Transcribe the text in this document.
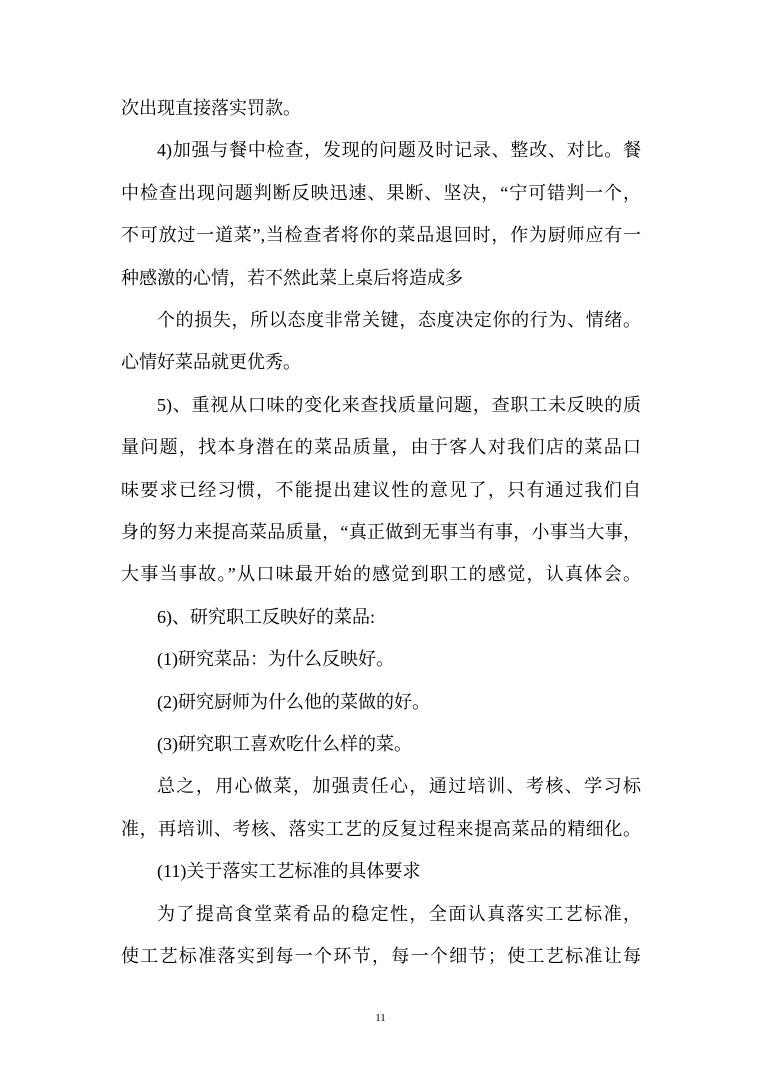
次出现直接落实罚款。
4)加强与餐中检查，发现的问题及时记录、整改、对比。餐
中检查出现问题判断反映迅速、果断、坚决，“宁可错判一个，
不可放过一道菜”,当检查者将你的菜品退回时，作为厨师应有一
种感激的心情，若不然此菜上桌后将造成多
个的损失，所以态度非常关键，态度决定你的行为、情绪。
心情好菜品就更优秀。
5)、重视从口味的变化来查找质量问题，查职工未反映的质
量问题，找本身潜在的菜品质量，由于客人对我们店的菜品口
味要求已经习惯，不能提出建议性的意见了，只有通过我们自
身的努力来提高菜品质量，“真正做到无事当有事，小事当大事，
大事当事故。”从口味最开始的感觉到职工的感觉，认真体会。
6)、研究职工反映好的菜品:
(1)研究菜品：为什么反映好。
(2)研究厨师为什么他的菜做的好。
(3)研究职工喜欢吃什么样的菜。
总之，用心做菜，加强责任心，通过培训、考核、学习标
准，再培训、考核、落实工艺的反复过程来提高菜品的精细化。
(11)关于落实工艺标准的具体要求
为了提高食堂菜肴品的稳定性，全面认真落实工艺标准，
使工艺标准落实到每一个环节，每一个细节；使工艺标准让每
11
